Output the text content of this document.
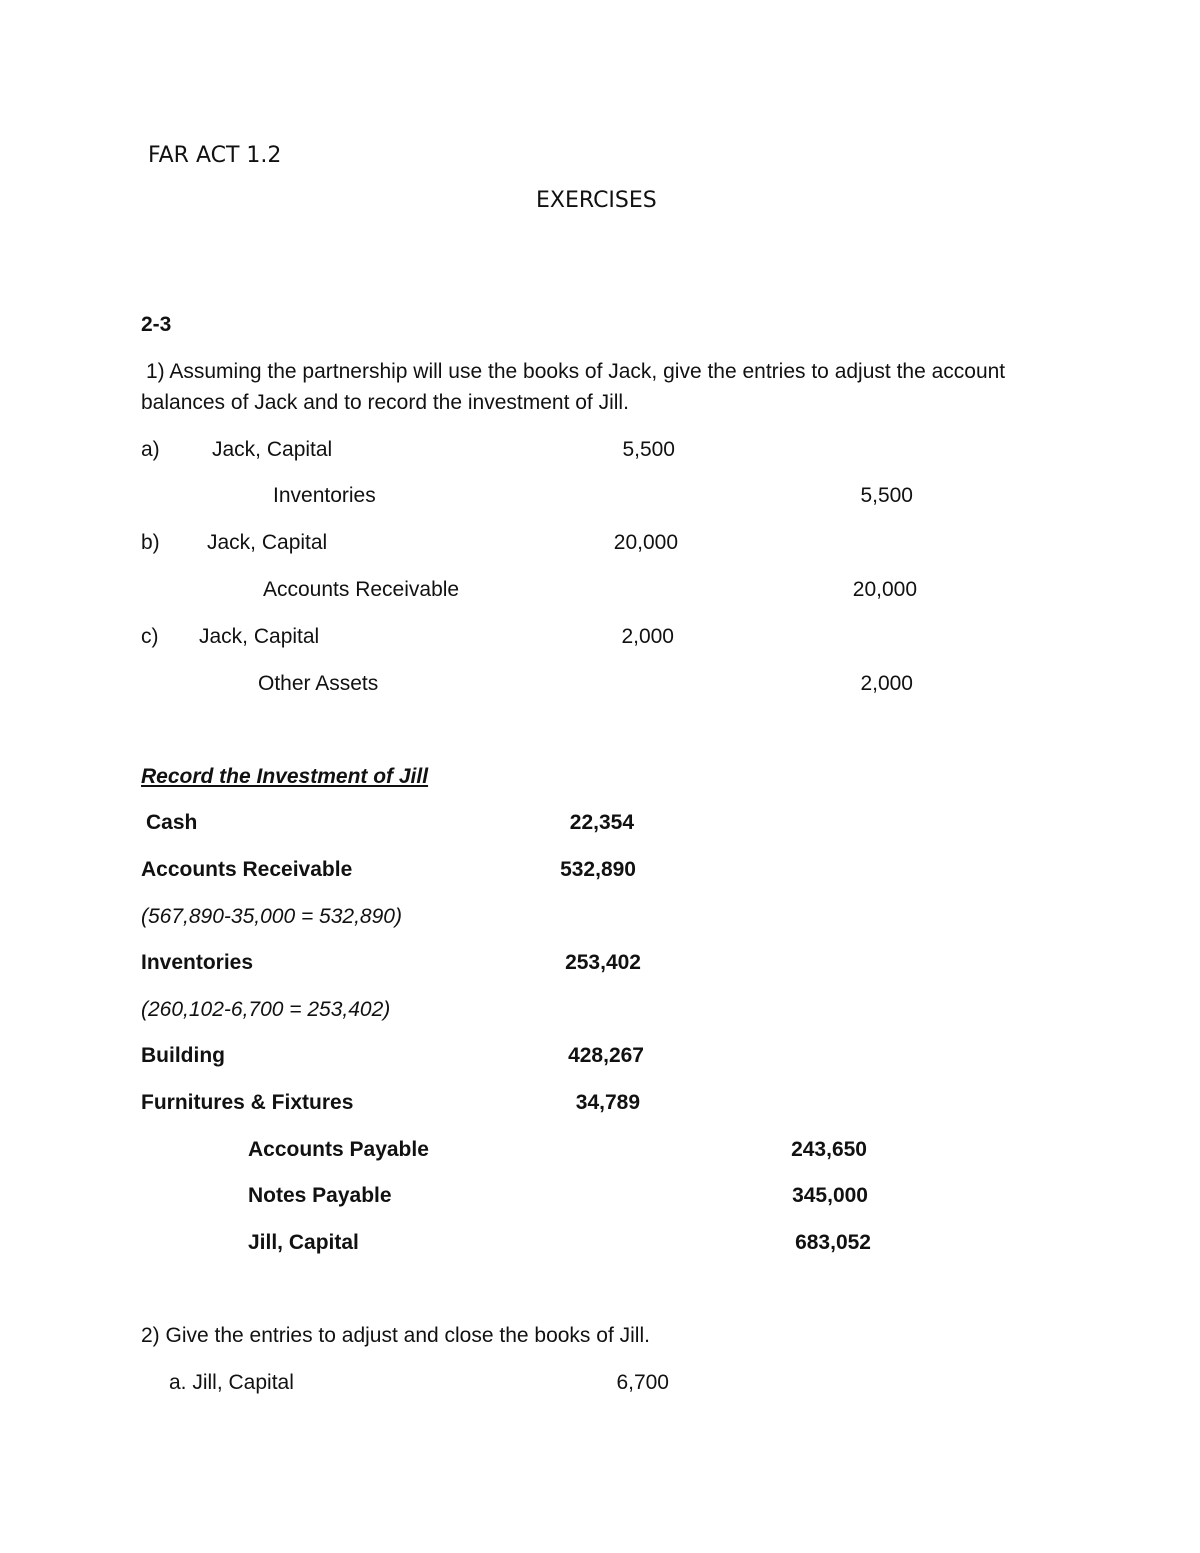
FAR ACT 1.2
EXERCISES
2-3
1) Assuming the partnership will use the books of Jack, give the entries to adjust the account
balances of Jack and to record the investment of Jill.
a) Jack, Capital	5,500
Inventories	5,500
b) Jack, Capital	20,000
Accounts Receivable	20,000
c) Jack, Capital	2,000
Other Assets	2,000
Record the Investment of Jill
Cash	22,354
Accounts Receivable	532,890
(567,890-35,000 = 532,890)
Inventories	253,402
(260,102-6,700 = 253,402)
Building	428,267
Furnitures & Fixtures	34,789
Accounts Payable	243,650
Notes Payable	345,000
Jill, Capital	683,052
2) Give the entries to adjust and close the books of Jill.
a. Jill, Capital	6,700
